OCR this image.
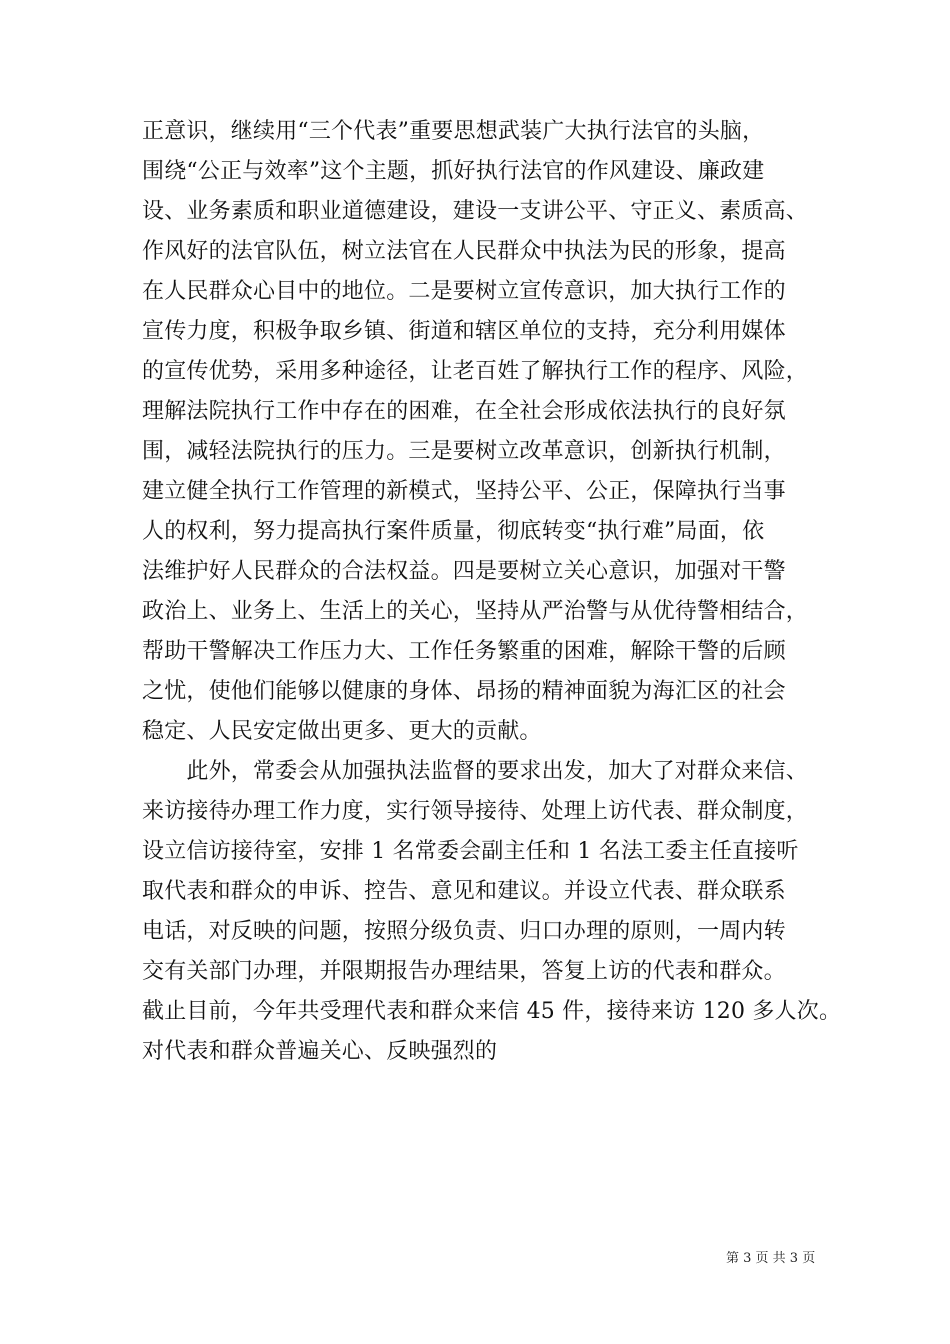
正意识，继续用“三个代表”重要思想武装广大执行法官的头脑，
围绕“公正与效率”这个主题，抓好执行法官的作风建设、廉政建
设、业务素质和职业道德建设，建设一支讲公平、守正义、素质高、
作风好的法官队伍，树立法官在人民群众中执法为民的形象，提高
在人民群众心目中的地位。二是要树立宣传意识，加大执行工作的
宣传力度，积极争取乡镇、街道和辖区单位的支持，充分利用媒体
的宣传优势，采用多种途径，让老百姓了解执行工作的程序、风险，
理解法院执行工作中存在的困难，在全社会形成依法执行的良好氛
围，减轻法院执行的压力。三是要树立改革意识，创新执行机制，
建立健全执行工作管理的新模式，坚持公平、公正，保障执行当事
人的权利，努力提高执行案件质量，彻底转变“执行难”局面，依
法维护好人民群众的合法权益。四是要树立关心意识，加强对干警
政治上、业务上、生活上的关心，坚持从严治警与从优待警相结合，
帮助干警解决工作压力大、工作任务繁重的困难，解除干警的后顾
之忧，使他们能够以健康的身体、昂扬的精神面貌为海汇区的社会
稳定、人民安定做出更多、更大的贡献。
　　此外，常委会从加强执法监督的要求出发，加大了对群众来信、
来访接待办理工作力度，实行领导接待、处理上访代表、群众制度，
设立信访接待室，安排 1 名常委会副主任和 1 名法工委主任直接听
取代表和群众的申诉、控告、意见和建议。并设立代表、群众联系
电话，对反映的问题，按照分级负责、归口办理的原则，一周内转
交有关部门办理，并限期报告办理结果，答复上访的代表和群众。
截止目前，今年共受理代表和群众来信 45 件，接待来访 120 多人次。
对代表和群众普遍关心、反映强烈的
第 3 页 共 3 页
